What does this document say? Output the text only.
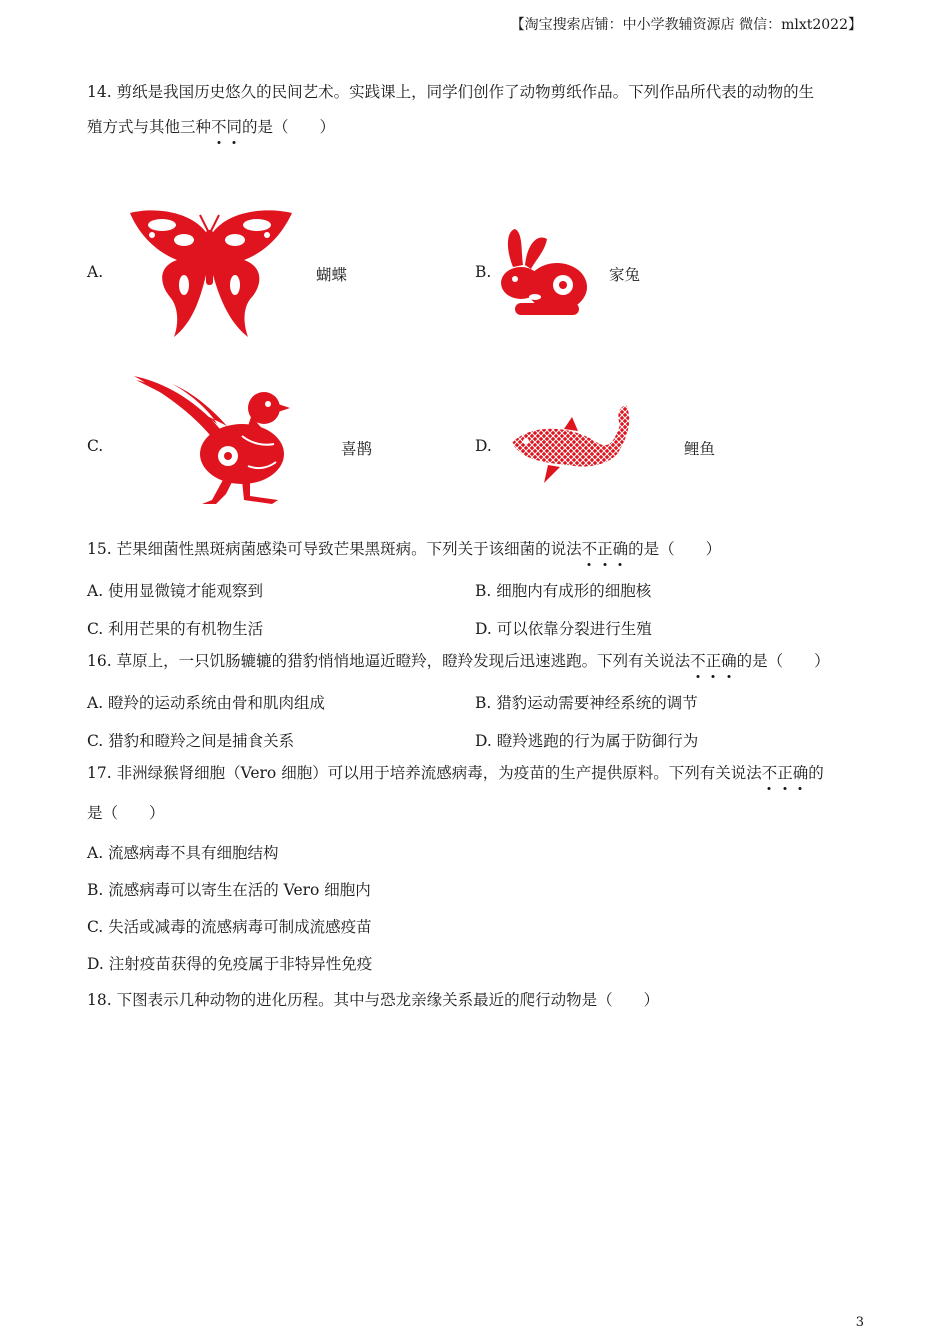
【淘宝搜索店铺：中小学教辅资源店 微信：mlxt2022】
14. 剪纸是我国历史悠久的民间艺术。实践课上，同学们创作了动物剪纸作品。下列作品所代表的动物的生
殖方式与其他三种不同的是（　　）
A.	蝴蝶	B.	家兔
C.	喜鹊	D.	鲤鱼
15. 芒果细菌性黑斑病菌感染可导致芒果黑斑病。下列关于该细菌的说法不正确的是（　　）
A. 使用显微镜才能观察到	B. 细胞内有成形的细胞核
C. 利用芒果的有机物生活	D. 可以依靠分裂进行生殖
16. 草原上，一只饥肠辘辘的猎豹悄悄地逼近瞪羚，瞪羚发现后迅速逃跑。下列有关说法不正确的是（　　）
A. 瞪羚的运动系统由骨和肌肉组成	B. 猎豹运动需要神经系统的调节
C. 猎豹和瞪羚之间是捕食关系	D. 瞪羚逃跑的行为属于防御行为
17. 非洲绿猴肾细胞（Vero 细胞）可以用于培养流感病毒，为疫苗的生产提供原料。下列有关说法不正确的
是（　　）
A. 流感病毒不具有细胞结构
B. 流感病毒可以寄生在活的 Vero 细胞内
C. 失活或减毒的流感病毒可制成流感疫苗
D. 注射疫苗获得的免疫属于非特异性免疫
18. 下图表示几种动物的进化历程。其中与恐龙亲缘关系最近的爬行动物是（　　）
3
